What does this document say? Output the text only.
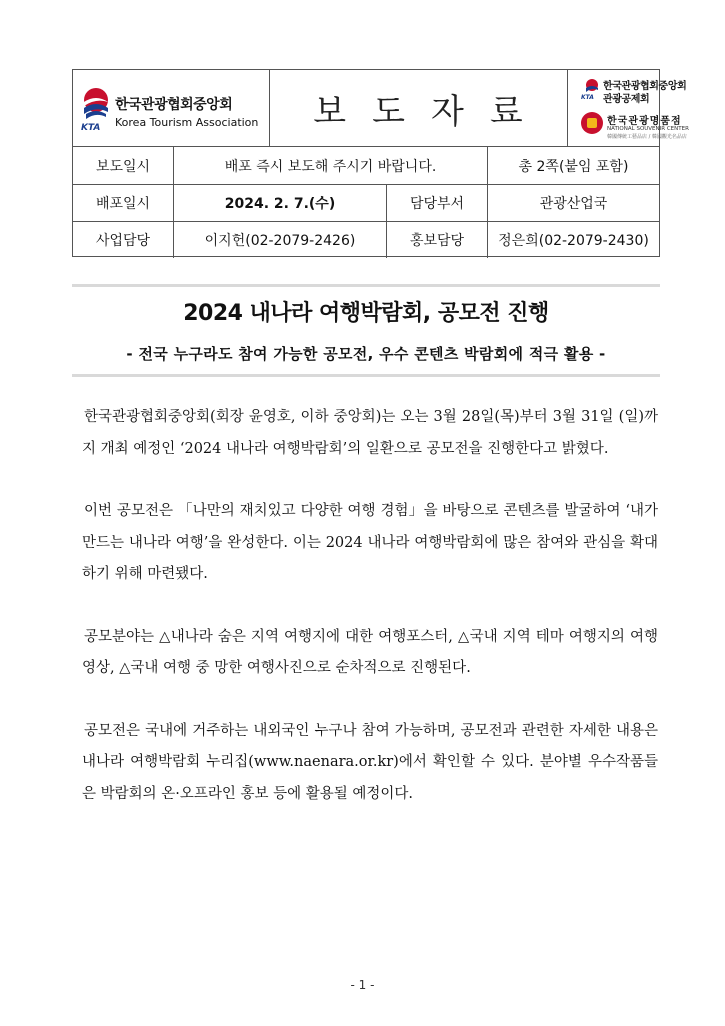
KTA
한국관광협회중앙회
Korea Tourism Association	보도자료	KTA
한국관광협회중앙회
관광공제회
한국관광명품점
NATIONAL SOUVENIR CENTER
韓國傳統工藝品店 / 韓國觀光名品店
보도일시	배포 즉시 보도해 주시기 바랍니다.	총 2쪽(붙임 포함)
배포일시	2024. 2. 7.(수)	담당부서	관광산업국
사업담당	이지헌(02-2079-2426)	홍보담당	정은희(02-2079-2430)
2024 내나라 여행박람회, 공모전 진행
- 전국 누구라도 참여 가능한 공모전, 우수 콘텐츠 박람회에 적극 활용 -

한국관광협회중앙회(회장 윤영호, 이하 중앙회)는 오는 3월 28일(목)부터 3월 31일 (일)까지 개최 예정인 ‘2024 내나라 여행박람회’의 일환으로 공모전을 진행한다고 밝혔다.

이번 공모전은 「나만의 재치있고 다양한 여행 경험」을 바탕으로 콘텐츠를 발굴하여 ‘내가 만드는 내나라 여행’을 완성한다. 이는 2024 내나라 여행박람회에 많은 참여와 관심을 확대하기 위해 마련됐다.

공모분야는 △내나라 숨은 지역 여행지에 대한 여행포스터, △국내 지역 테마 여행지의 여행영상, △국내 여행 중 망한 여행사진으로 순차적으로 진행된다.

공모전은 국내에 거주하는 내외국인 누구나 참여 가능하며, 공모전과 관련한 자세한 내용은 내나라 여행박람회 누리집(www.naenara.or.kr)에서 확인할 수 있다. 분야별 우수작품들은 박람회의 온·오프라인 홍보 등에 활용될 예정이다.

- 1 -
